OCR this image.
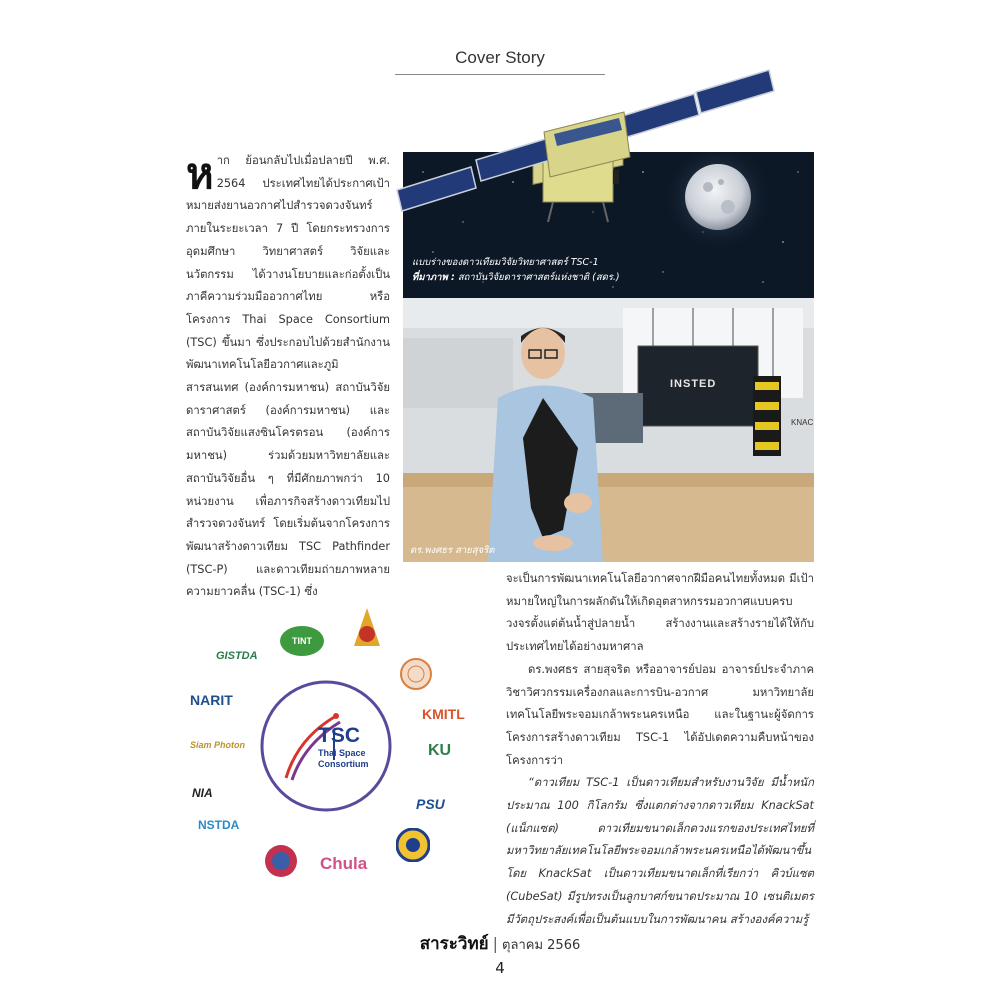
Cover Story
ห าก ย้อนกลับไปเมื่อปลายปี พ.ศ. 2564 ประเทศไทยได้ประกาศเป้าหมายส่งยานอวกาศไปสำรวจดวงจันทร์ภายในระยะเวลา 7 ปี โดยกระทรวงการอุดมศึกษา วิทยาศาสตร์ วิจัยและนวัตกรรม ได้วางนโยบายและก่อตั้งเป็นภาคีความร่วมมืออวกาศไทย หรือโครงการ Thai Space Consortium (TSC) ขึ้นมา ซึ่งประกอบไปด้วยสำนักงานพัฒนาเทคโนโลยีอวกาศและภูมิสารสนเทศ (องค์การมหาชน) สถาบันวิจัยดาราศาสตร์ (องค์การมหาชน) และสถาบันวิจัยแสงซินโครตรอน (องค์การมหาชน) ร่วมด้วยมหาวิทยาลัยและสถาบันวิจัยอื่น ๆ ที่มีศักยภาพกว่า 10 หน่วยงาน เพื่อภารกิจสร้างดาวเทียมไปสำรวจดวงจันทร์ โดยเริ่มต้นจากโครงการพัฒนาสร้างดาวเทียม TSC Pathfinder (TSC-P) และดาวเทียมถ่ายภาพหลายความยาวคลื่น (TSC-1) ซึ่ง

แบบร่างของดาวเทียมวิจัยวิทยาศาสตร์ TSC-1
ที่มาภาพ : สถาบันวิจัยดาราศาสตร์แห่งชาติ (สดร.)
INSTED
KNAC
ดร.พงศธร สายสุจริต

จะเป็นการพัฒนาเทคโนโลยีอวกาศจากฝีมือคนไทยทั้งหมด มีเป้าหมายใหญ่ในการผลักดันให้เกิดอุตสาหกรรมอวกาศแบบครบวงจรตั้งแต่ต้นน้ำสู่ปลายน้ำ สร้างงานและสร้างรายได้ให้กับประเทศไทยได้อย่างมหาศาล

ดร.พงศธร สายสุจริต หรืออาจารย์ปอม อาจารย์ประจำภาควิชาวิศวกรรมเครื่องกลและการบิน-อวกาศ มหาวิทยาลัยเทคโนโลยีพระจอมเกล้าพระนครเหนือ และในฐานะผู้จัดการโครงการสร้างดาวเทียม TSC-1 ได้อัปเดตความคืบหน้าของโครงการว่า

“ดาวเทียม TSC-1 เป็นดาวเทียมสำหรับงานวิจัย มีน้ำหนักประมาณ 100 กิโลกรัม ซึ่งแตกต่างจากดาวเทียม KnackSat (แน็กแซต) ดาวเทียมขนาดเล็กดวงแรกของประเทศไทยที่มหาวิทยาลัยเทคโนโลยีพระจอมเกล้าพระนครเหนือได้พัฒนาขึ้น โดย KnackSat เป็นดาวเทียมขนาดเล็กที่เรียกว่า คิวบ์แซต (CubeSat) มีรูปทรงเป็นลูกบาศก์ขนาดประมาณ 10 เซนติเมตร มีวัตถุประสงค์เพื่อเป็นต้นแบบในการพัฒนาคน สร้างองค์ความรู้

TSC
Thai Space
Consortium
TINT
GISTDA
NARIT
KMITL
Siam Photon	KU
NIA
PSU
NSTDA
Chula
สาระวิทย์ | ตุลาคม 2566
4
